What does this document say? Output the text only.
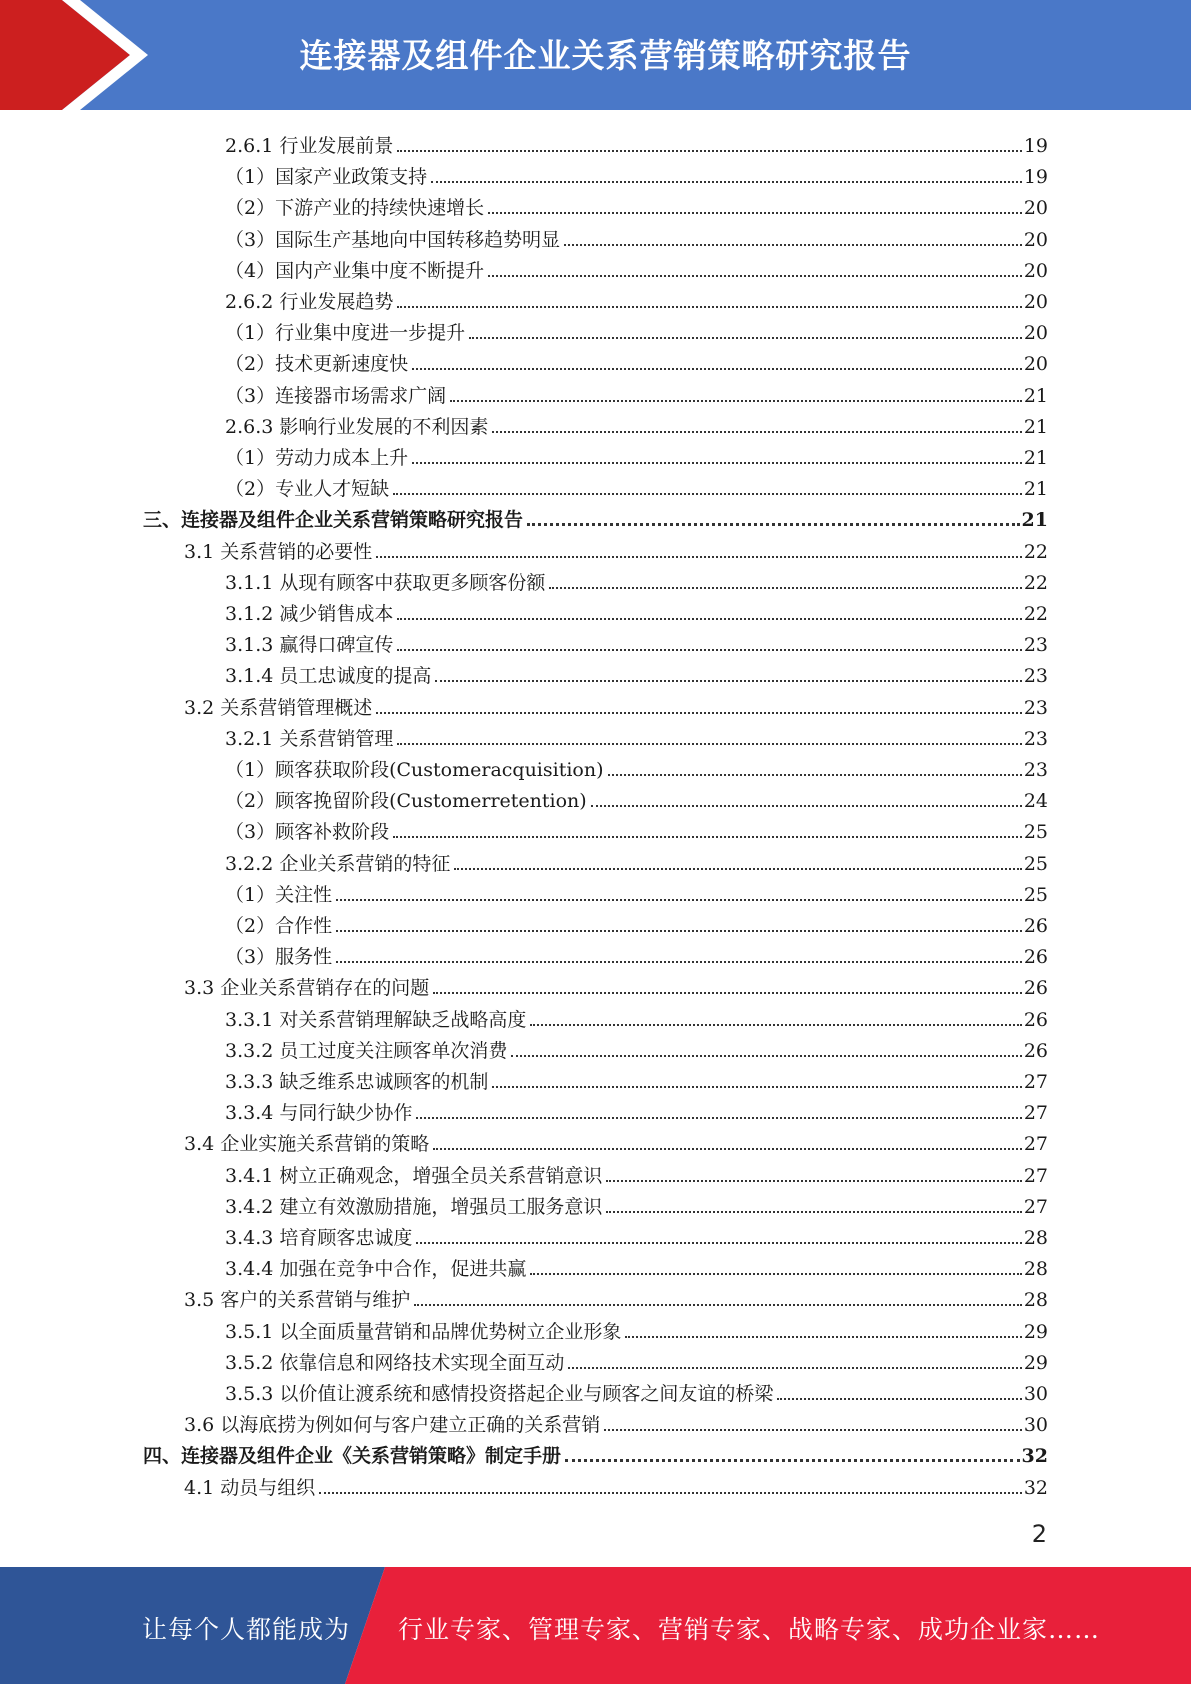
连接器及组件企业关系营销策略研究报告
2.6.1 行业发展前景	19
（1）国家产业政策支持	19
（2）下游产业的持续快速增长	20
（3）国际生产基地向中国转移趋势明显	20
（4）国内产业集中度不断提升	20
2.6.2 行业发展趋势	20
（1）行业集中度进一步提升	20
（2）技术更新速度快	20
（3）连接器市场需求广阔	21
2.6.3 影响行业发展的不利因素	21
（1）劳动力成本上升	21
（2）专业人才短缺	21
三、连接器及组件企业关系营销策略研究报告	21
3.1 关系营销的必要性	22
3.1.1 从现有顾客中获取更多顾客份额	22
3.1.2 减少销售成本	22
3.1.3 赢得口碑宣传	23
3.1.4 员工忠诚度的提高	23
3.2 关系营销管理概述	23
3.2.1 关系营销管理	23
（1）顾客获取阶段(Customeracquisition)	23
（2）顾客挽留阶段(Customerretention)	24
（3）顾客补救阶段	25
3.2.2 企业关系营销的特征	25
（1）关注性	25
（2）合作性	26
（3）服务性	26
3.3 企业关系营销存在的问题	26
3.3.1 对关系营销理解缺乏战略高度	26
3.3.2 员工过度关注顾客单次消费	26
3.3.3 缺乏维系忠诚顾客的机制	27
3.3.4 与同行缺少协作	27
3.4 企业实施关系营销的策略	27
3.4.1 树立正确观念，增强全员关系营销意识	27
3.4.2 建立有效激励措施，增强员工服务意识	27
3.4.3 培育顾客忠诚度	28
3.4.4 加强在竞争中合作，促进共赢	28
3.5 客户的关系营销与维护	28
3.5.1 以全面质量营销和品牌优势树立企业形象	29
3.5.2 依靠信息和网络技术实现全面互动	29
3.5.3 以价值让渡系统和感情投资搭起企业与顾客之间友谊的桥梁	30
3.6 以海底捞为例如何与客户建立正确的关系营销	30
四、连接器及组件企业《关系营销策略》制定手册	32
4.1 动员与组织	32
2
让每个人都能成为 行业专家、管理专家、营销专家、战略专家、成功企业家……
